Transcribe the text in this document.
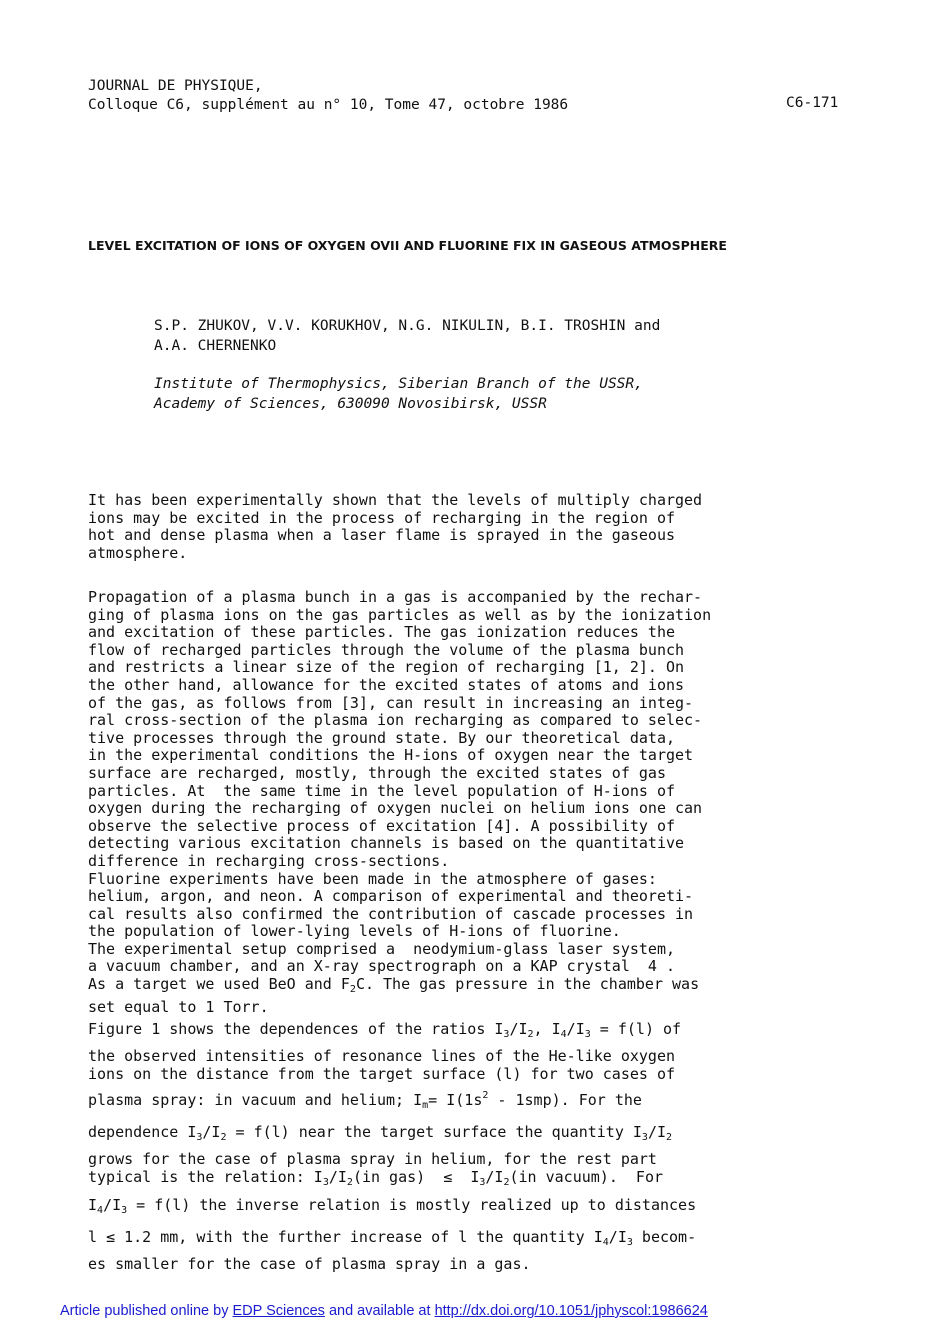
JOURNAL DE PHYSIQUE,
Colloque C6, supplément au n° 10, Tome 47, octobre 1986	C6-171
LEVEL EXCITATION OF IONS OF OXYGEN OVII AND FLUORINE FIX IN GASEOUS ATMOSPHERE
S.P. ZHUKOV, V.V. KORUKHOV, N.G. NIKULIN, B.I. TROSHIN and
A.A. CHERNENKO
Institute of Thermophysics, Siberian Branch of the USSR,
Academy of Sciences, 630090 Novosibirsk, USSR
It has been experimentally shown that the levels of multiply charged
ions may be excited in the process of recharging in the region of
hot and dense plasma when a laser flame is sprayed in the gaseous
atmosphere.
Propagation of a plasma bunch in a gas is accompanied by the rechar-
ging of plasma ions on the gas particles as well as by the ionization
and excitation of these particles. The gas ionization reduces the
flow of recharged particles through the volume of the plasma bunch
and restricts a linear size of the region of recharging [1, 2]. On
the other hand, allowance for the excited states of atoms and ions
of the gas, as follows from [3], can result in increasing an integ-
ral cross-section of the plasma ion recharging as compared to selec-
tive processes through the ground state. By our theoretical data,
in the experimental conditions the H-ions of oxygen near the target
surface are recharged, mostly, through the excited states of gas
particles. At  the same time in the level population of H-ions of
oxygen during the recharging of oxygen nuclei on helium ions one can
observe the selective process of excitation [4]. A possibility of
detecting various excitation channels is based on the quantitative
difference in recharging cross-sections.
Fluorine experiments have been made in the atmosphere of gases:
helium, argon, and neon. A comparison of experimental and theoreti-
cal results also confirmed the contribution of cascade processes in
the population of lower-lying levels of H-ions of fluorine.
The experimental setup comprised a  neodymium-glass laser system,
a vacuum chamber, and an X-ray spectrograph on a KAP crystal  4 .
As a target we used BeO and $F_2C$. The gas pressure in the chamber was
set equal to 1 Torr.
Figure 1 shows the dependences of the ratios $I_3/I_2$, $I_4/I_3 = f(l)$ of
the observed intensities of resonance lines of the He-like oxygen
ions on the distance from the target surface (l) for two cases of
plasma spray: in vacuum and helium; $I_m= I(1s^2 - 1smp)$. For the
dependence $I_3/I_2 = f(l)$ near the target surface the quantity $I_3/I_2$
grows for the case of plasma spray in helium, for the rest part
typical is the relation: $I_3/I_2(in$ $gas) \le I_3/I_2(in$ vacuum).  For
$I_4/I_3 = f(l)$ the inverse relation is mostly realized up to distances
l ≤ 1.2 mm, with the further increase of l the quantity $I_4/I_3$ becom-
es smaller for the case of plasma spray in a gas.
Article published online by EDP Sciences and available at http://dx.doi.org/10.1051/jphyscol:1986624
